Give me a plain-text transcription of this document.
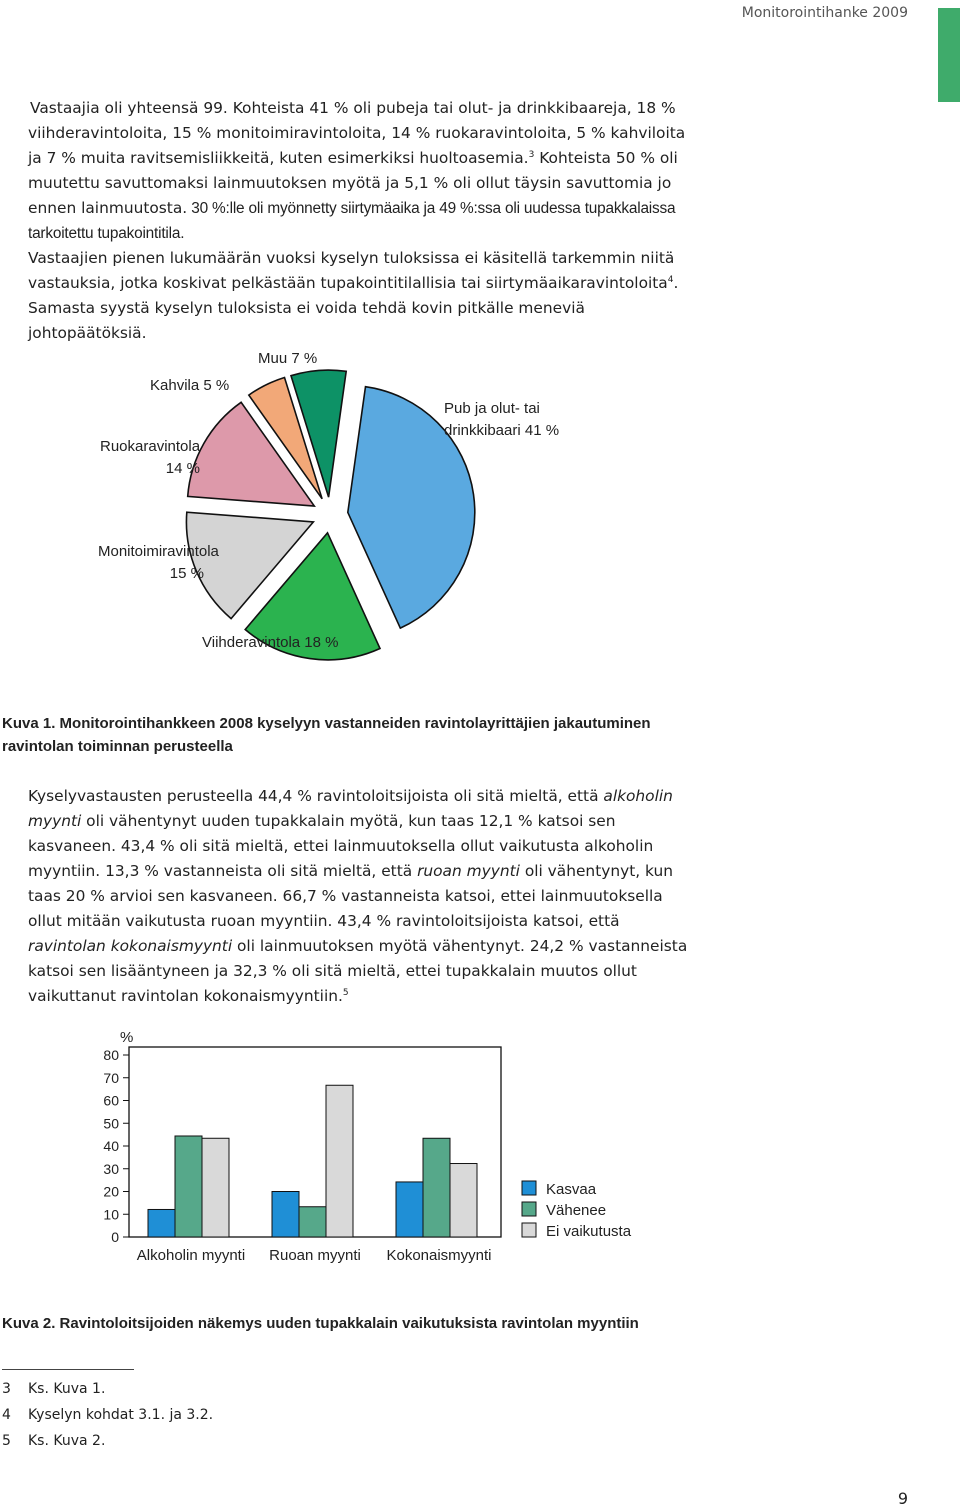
Monitorointihanke 2009
Vastaajia oli yhteensä 99. Kohteista 41 % oli pubeja tai olut- ja drinkkibaareja, 18 % viihderavintoloita, 15 % monitoimiravintoloita, 14 % ruokaravintoloita, 5 % kahviloita ja 7 % muita ravitsemisliikkeitä, kuten esimerkiksi huoltoasemia.$^3$ Kohteista 50 % oli muutettu savuttomaksi lainmuutoksen myötä ja 5,1 % oli ollut täysin savuttomia jo ennen lainmuutosta. 30 %:lle oli myönnetty siirtymäaika ja 49 %:ssa oli uudessa tupakkalaissa tarkoitettu tupakointitila.
Vastaajien pienen lukumäärän vuoksi kyselyn tuloksissa ei käsitellä tarkemmin niitä vastauksia, jotka koskivat pelkästään tupakointitilallisia tai siirtymäaikaravintoloita$^4$. Samasta syystä kyselyn tuloksista ei voida tehdä kovin pitkälle meneviä johtopäätöksiä.
Muu 7 %
Kahvila 5 %
Pub ja olut- tai drinkkibaari 41 %
Ruokaravintola 14 %
Monitoimiravintola 15 %
Viihderavintola 18 %
Kuva 1. Monitorointihankkeen 2008 kyselyyn vastanneiden ravintolayrittäjien jakautuminen ravintolan toiminnan perusteella
Kyselyvastausten perusteella 44,4 % ravintoloitsijoista oli sitä mieltä, että alkoholin myynti oli vähentynyt uuden tupakkalain myötä, kun taas 12,1 % katsoi sen kasvaneen. 43,4 % oli sitä mieltä, ettei lainmuutoksella ollut vaikutusta alkoholin myyntiin. 13,3 % vastanneista oli sitä mieltä, että ruoan myynti oli vähentynyt, kun taas 20 % arvioi sen kasvaneen. 66,7 % vastanneista katsoi, ettei lainmuutoksella ollut mitään vaikutusta ruoan myyntiin. 43,4 % ravintoloitsijoista katsoi, että ravintolan kokonaismyynti oli lainmuutoksen myötä vähentynyt. 24,2 % vastanneista katsoi sen lisääntyneen ja 32,3 % oli sitä mieltä, ettei tupakkalain muutos ollut vaikuttanut ravintolan kokonaismyyntiin.$^5$
%
0
10
20
30
40
50
60
70
80
Alkoholin myynti Ruoan myynti Kokonaismyynti
Kasvaa
Vähenee
Ei vaikutusta
Kuva 2. Ravintoloitsijoiden näkemys uuden tupakkalain vaikutuksista ravintolan myyntiin
3 Ks. Kuva 1.
4 Kyselyn kohdat 3.1. ja 3.2.
5 Ks. Kuva 2.
9
